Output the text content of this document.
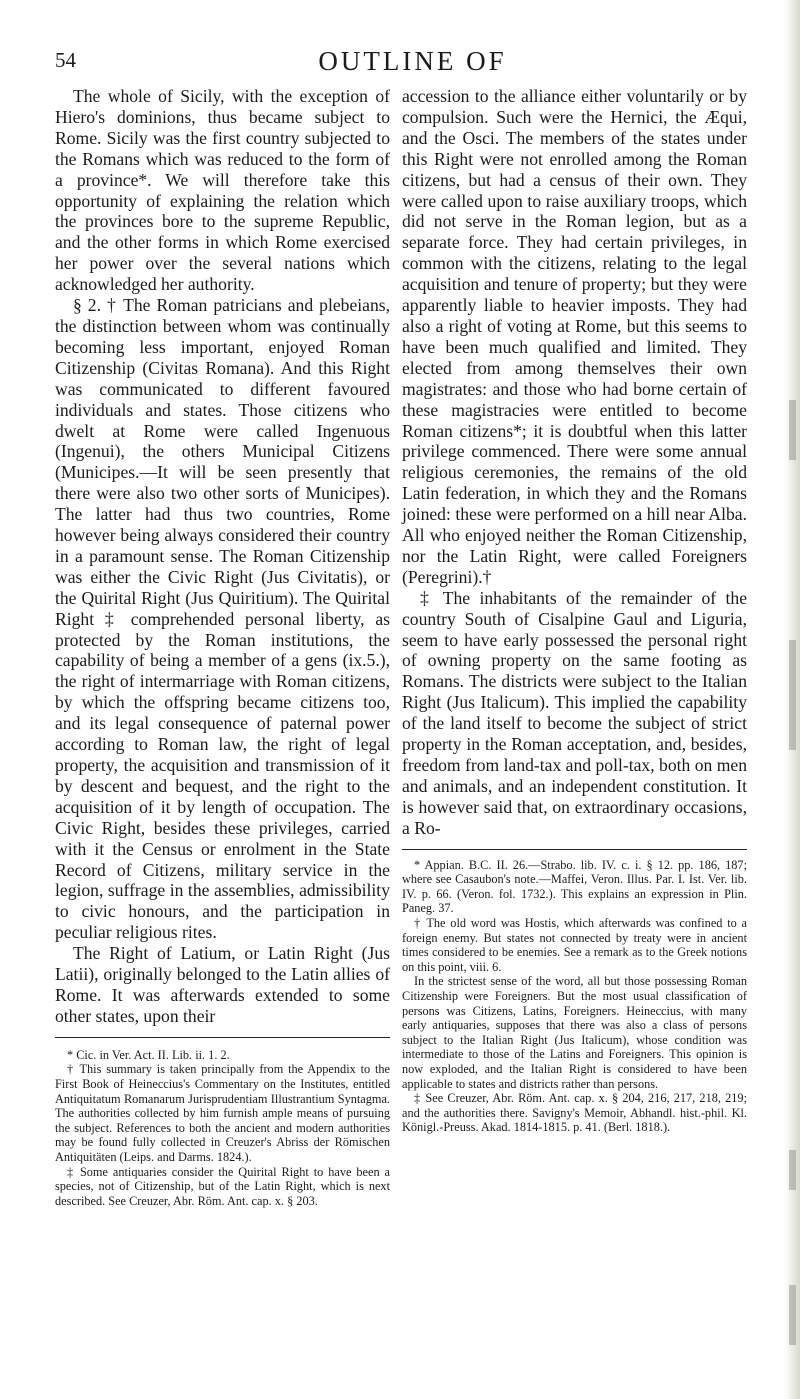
54	OUTLINE OF

The whole of Sicily, with the exception of Hiero's dominions, thus became subject to Rome. Sicily was the first country subjected to the Romans which was reduced to the form of a province*. We will therefore take this opportunity of explaining the relation which the provinces bore to the supreme Republic, and the other forms in which Rome exercised her power over the several nations which acknowledged her authority.

§ 2. † The Roman patricians and plebeians, the distinction between whom was continually becoming less important, enjoyed Roman Citizenship (Civitas Romana). And this Right was communicated to different favoured individuals and states. Those citizens who dwelt at Rome were called Ingenuous (Ingenui), the others Municipal Citizens (Municipes.—It will be seen presently that there were also two other sorts of Municipes). The latter had thus two countries, Rome however being always considered their country in a paramount sense. The Roman Citizenship was either the Civic Right (Jus Civitatis), or the Quirital Right (Jus Quiritium). The Quirital Right ‡ comprehended personal liberty, as protected by the Roman institutions, the capability of being a member of a gens (ix.5.), the right of intermarriage with Roman citizens, by which the offspring became citizens too, and its legal consequence of paternal power according to Roman law, the right of legal property, the acquisition and transmission of it by descent and bequest, and the right to the acquisition of it by length of occupation. The Civic Right, besides these privileges, carried with it the Census or enrolment in the State Record of Citizens, military service in the legion, suffrage in the assemblies, admissibility to civic honours, and the participation in peculiar religious rites.

The Right of Latium, or Latin Right (Jus Latii), originally belonged to the Latin allies of Rome. It was afterwards extended to some other states, upon their

* Cic. in Ver. Act. II. Lib. ii. 1. 2.

† This summary is taken principally from the Appendix to the First Book of Heineccius's Commentary on the Institutes, entitled Antiquitatum Romanarum Jurisprudentiam Illustrantium Syntagma. The authorities collected by him furnish ample means of pursuing the subject. References to both the ancient and modern authorities may be found fully collected in Creuzer's Abriss der Römischen Antiquitäten (Leips. and Darms. 1824.).

‡ Some antiquaries consider the Quirital Right to have been a species, not of Citizenship, but of the Latin Right, which is next described. See Creuzer, Abr. Röm. Ant. cap. x. § 203.

accession to the alliance either voluntarily or by compulsion. Such were the Hernici, the Æqui, and the Osci. The members of the states under this Right were not enrolled among the Roman citizens, but had a census of their own. They were called upon to raise auxiliary troops, which did not serve in the Roman legion, but as a separate force. They had certain privileges, in common with the citizens, relating to the legal acquisition and tenure of property; but they were apparently liable to heavier imposts. They had also a right of voting at Rome, but this seems to have been much qualified and limited. They elected from among themselves their own magistrates: and those who had borne certain of these magistracies were entitled to become Roman citizens*; it is doubtful when this latter privilege commenced. There were some annual religious ceremonies, the remains of the old Latin federation, in which they and the Romans joined: these were performed on a hill near Alba. All who enjoyed neither the Roman Citizenship, nor the Latin Right, were called Foreigners (Peregrini).†

‡ The inhabitants of the remainder of the country South of Cisalpine Gaul and Liguria, seem to have early possessed the personal right of owning property on the same footing as Romans. The districts were subject to the Italian Right (Jus Italicum). This implied the capability of the land itself to become the subject of strict property in the Roman acceptation, and, besides, freedom from land-tax and poll-tax, both on men and animals, and an independent constitution. It is however said that, on extraordinary occasions, a Ro-

* Appian. B.C. II. 26.—Strabo. lib. IV. c. i. § 12. pp. 186, 187; where see Casaubon's note.—Maffei, Veron. Illus. Par. I. Ist. Ver. lib. IV. p. 66. (Veron. fol. 1732.). This explains an expression in Plin. Paneg. 37.

† The old word was Hostis, which afterwards was confined to a foreign enemy. But states not connected by treaty were in ancient times considered to be enemies. See a remark as to the Greek notions on this point, viii. 6.

In the strictest sense of the word, all but those possessing Roman Citizenship were Foreigners. But the most usual classification of persons was Citizens, Latins, Foreigners. Heineccius, with many early antiquaries, supposes that there was also a class of persons subject to the Italian Right (Jus Italicum), whose condition was intermediate to those of the Latins and Foreigners. This opinion is now exploded, and the Italian Right is considered to have been applicable to states and districts rather than persons.

‡ See Creuzer, Abr. Röm. Ant. cap. x. § 204, 216, 217, 218, 219; and the authorities there. Savigny's Memoir, Abhandl. hist.-phil. Kl. Königl.-Preuss. Akad. 1814-1815. p. 41. (Berl. 1818.).
